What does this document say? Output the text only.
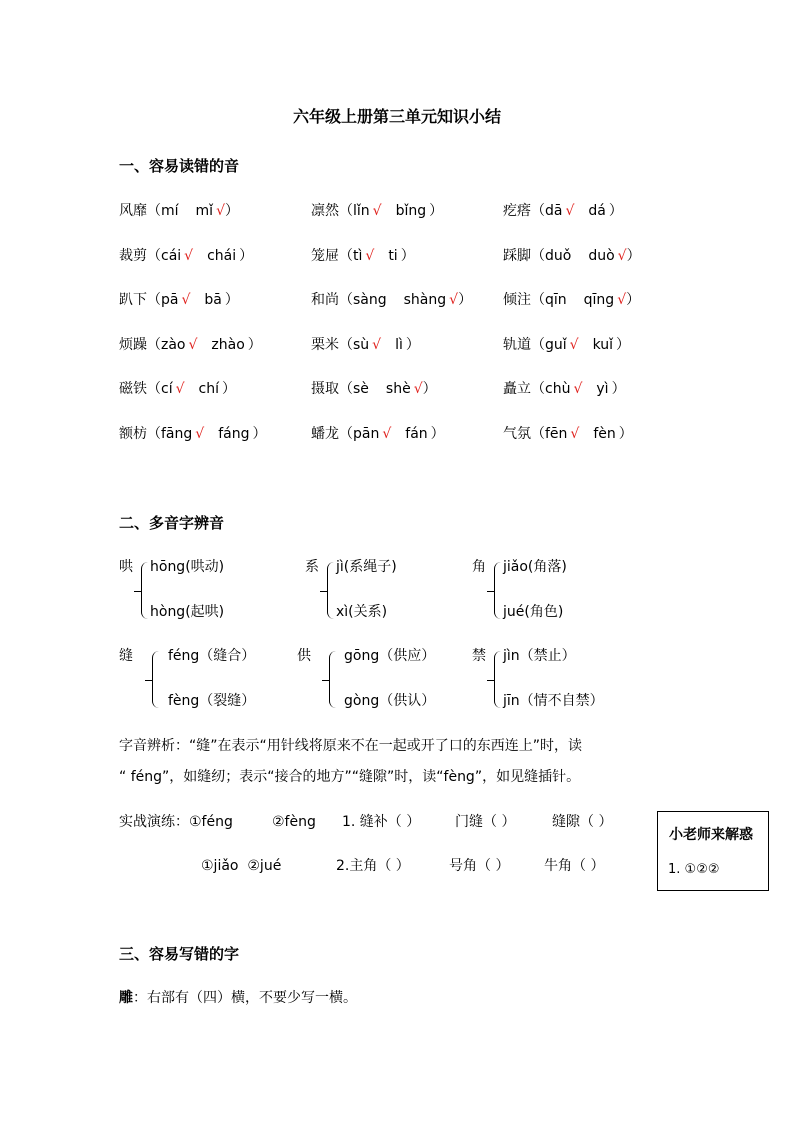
六年级上册第三单元知识小结
一、容易读错的音
风靡（mí mǐ √）	凛然（lǐn √ bǐng ）	疙瘩（dā √ dá ）
裁剪（cái √ chái ）	笼屉（tì √ ti ）	踩脚（duǒ duò √）
趴下（pā √ bā ）	和尚（sàng shàng √） 倾注（qīn qīng √）
烦躁（zào √ zhào ）	栗米（sù √ lì ）	轨道（guǐ √ kuǐ ）
磁铁（cí √ chí ）	摄取（sè shè √）	矗立（chù √ yì ）
额枋（fāng √ fáng ）	蟠龙（pān √ fán ）	气氛（fēn √ fèn ）
二、多音字辨音
哄 hōng(哄动)
hòng(起哄)
系 jì(系绳子)
xì(关系)
角 jiǎo(角落)
jué(角色)
缝	féng（缝合）
fèng（裂缝）
供 gōng（供应）
gòng（供认）
禁 jìn（禁止）
jīn（情不自禁）
字音辨析：“缝”在表示“用针线将原来不在一起或开了口的东西连上”时，读
“ féng”，如缝纫；表示“接合的地方”“缝隙”时，读“fèng”，如见缝插针。
实战演练：①féng	②fèng 1. 缝补（ ） 门缝（ ）	缝隙（ ）
①jiǎo  ②jué	2.主角（ ）	号角（ ） 牛角（ ）
小老师来解惑
1. ①②②
三、容易写错的字
雕：右部有（四）横，不要少写一横。
